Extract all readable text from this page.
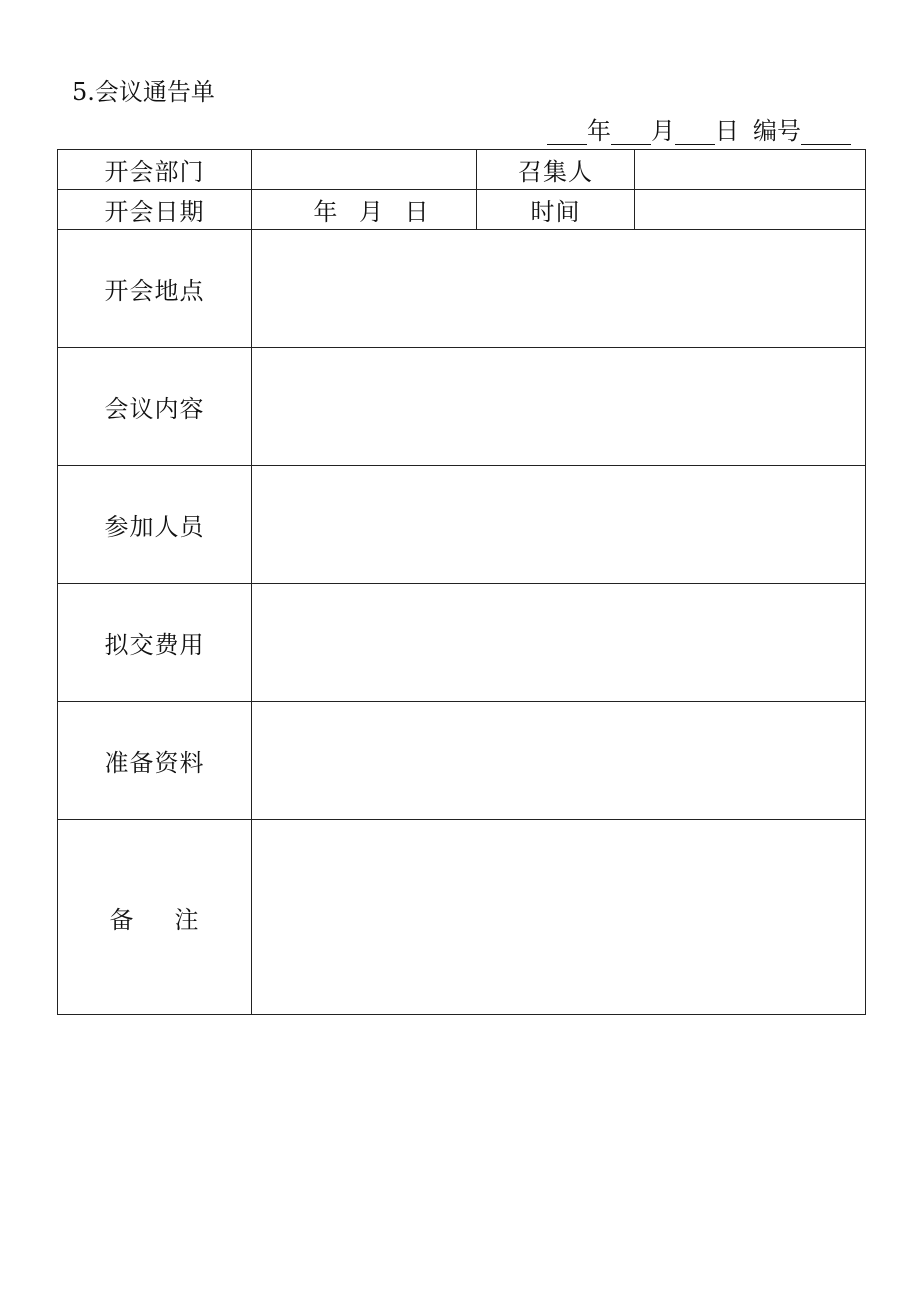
5.会议通告单
年 月 日 编号
开会部门		召集人	
开会日期	年 月 日	时间	
开会地点			
会议内容			
参加人员			
拟交费用			
准备资料			
备 注			
